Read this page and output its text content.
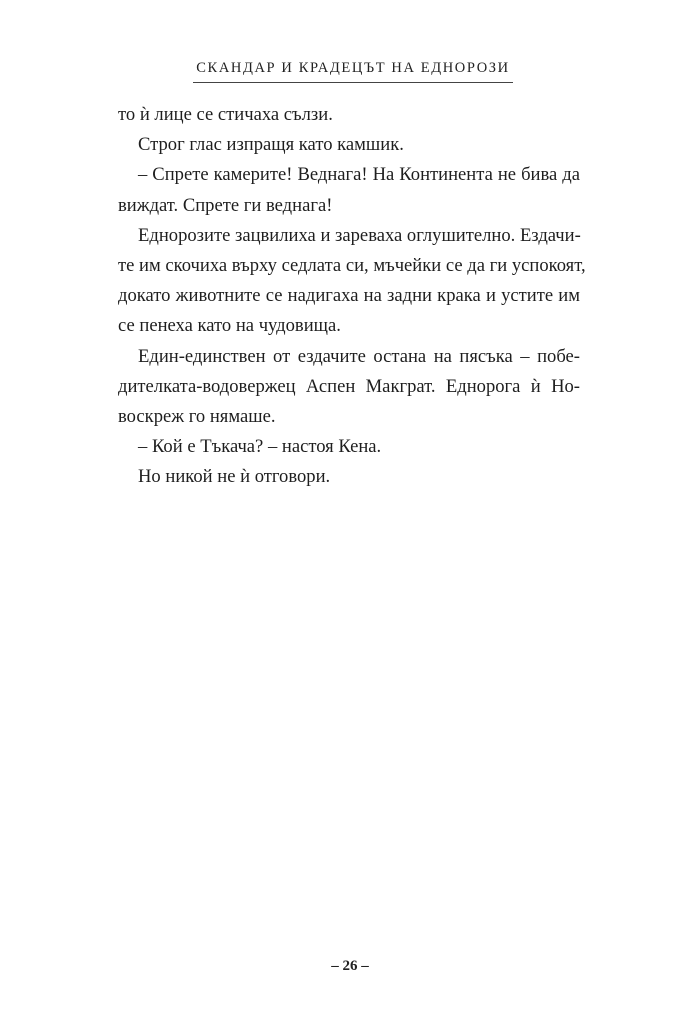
СКАНДАР И КРАДЕЦЪТ НА ЕДНОРОЗИ
то ѝ лице се стичаха сълзи.
Строг глас изпращя като камшик.
– Спрете камерите! Веднага! На Континента не бива да
виждат. Спрете ги веднага!
Еднорозите зацвилиха и зареваха оглушително. Ездачи-
те им скочиха върху седлата си, мъчейки се да ги успокоят,
докато животните се надигаха на задни крака и устите им
се пенеха като на чудовища.
Един-единствен от ездачите остана на пясъка – побе-
дителката-водовержец Аспен Макграт. Еднорога ѝ Но-
воскреж го нямаше.
– Кой е Тъкача? – настоя Кена.
Но никой не ѝ отговори.
– 26 –
